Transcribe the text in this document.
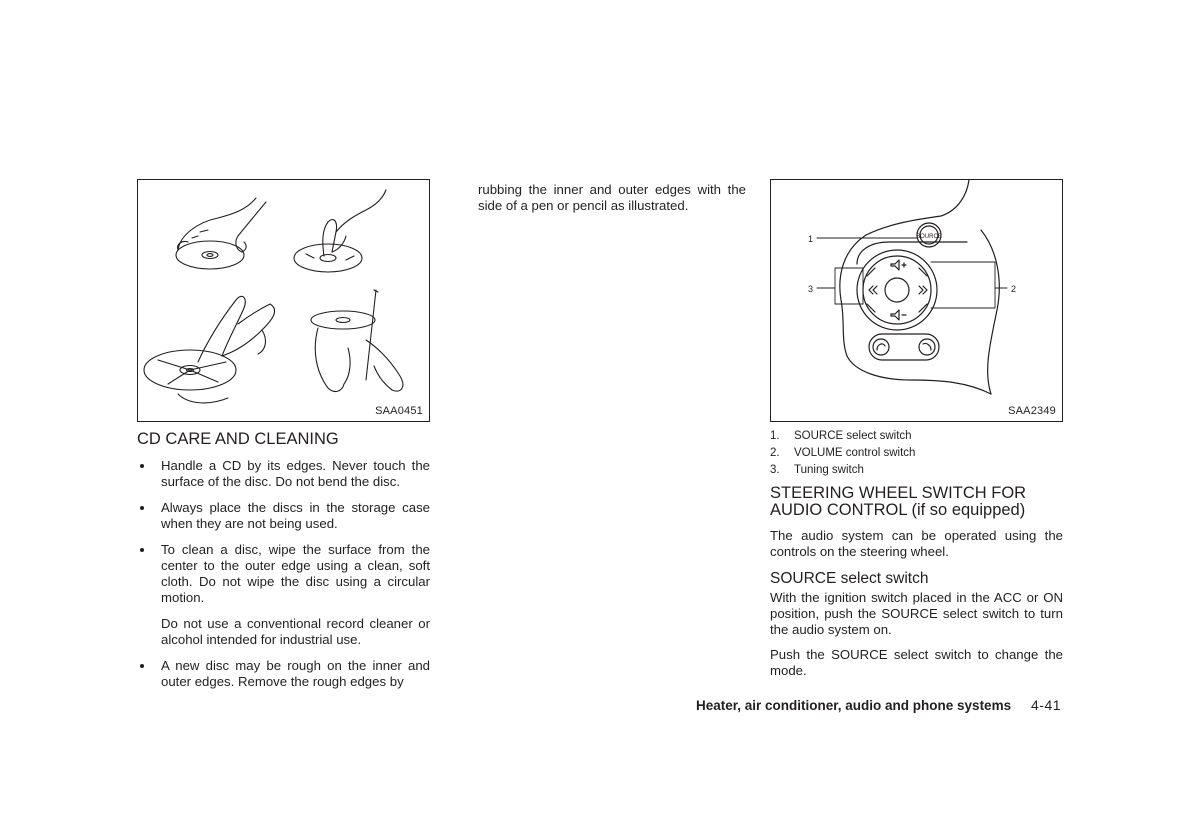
SAA0451
CD CARE AND CLEANING
Handle a CD by its edges. Never touch the surface of the disc. Do not bend the disc.
Always place the discs in the storage case when they are not being used.
To clean a disc, wipe the surface from the center to the outer edge using a clean, soft cloth. Do not wipe the disc using a circular motion.
Do not use a conventional record cleaner or alcohol intended for industrial use.
A new disc may be rough on the inner and outer edges. Remove the rough edges by

rubbing the inner and outer edges with the side of a pen or pencil as illustrated.

SOURCE
1
3	2
SAA2349
1. SOURCE select switch
2. VOLUME control switch
3. Tuning switch
STEERING WHEEL SWITCH FOR
AUDIO CONTROL (if so equipped)

The audio system can be operated using the controls on the steering wheel.

SOURCE select switch

With the ignition switch placed in the ACC or ON position, push the SOURCE select switch to turn the audio system on.

Push the SOURCE select switch to change the mode.

Heater, air conditioner, audio and phone systems 4-41
